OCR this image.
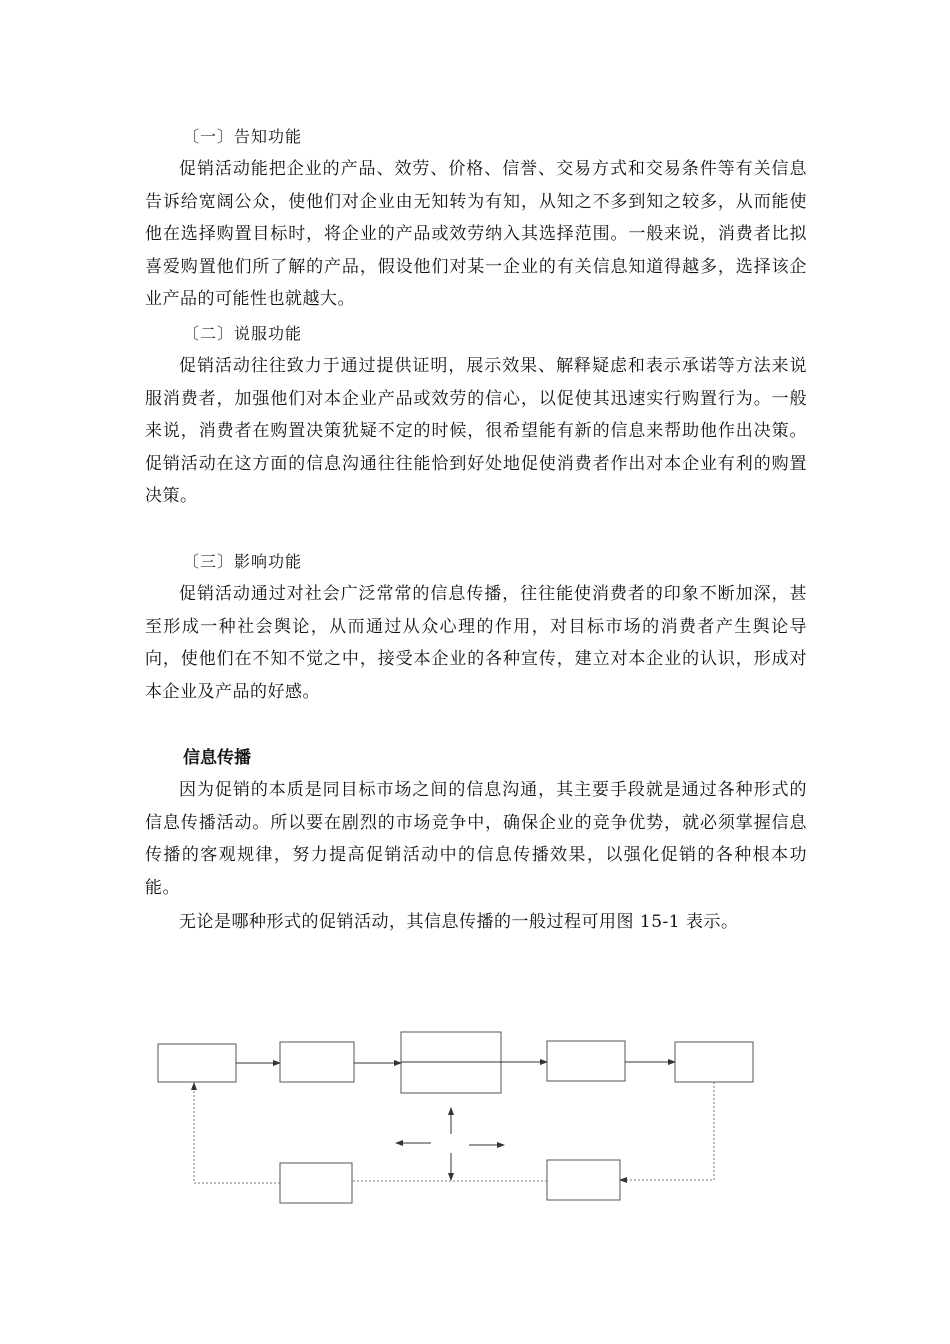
〔一〕告知功能

促销活动能把企业的产品、效劳、价格、信誉、交易方式和交易条件等有关信息告诉给宽阔公众，使他们对企业由无知转为有知，从知之不多到知之较多，从而能使他在选择购置目标时，将企业的产品或效劳纳入其选择范围。一般来说，消费者比拟喜爱购置他们所了解的产品，假设他们对某一企业的有关信息知道得越多，选择该企业产品的可能性也就越大。

〔二〕说服功能

促销活动往往致力于通过提供证明，展示效果、解释疑虑和表示承诺等方法来说服消费者，加强他们对本企业产品或效劳的信心，以促使其迅速实行购置行为。一般来说，消费者在购置决策犹疑不定的时候，很希望能有新的信息来帮助他作出决策。促销活动在这方面的信息沟通往往能恰到好处地促使消费者作出对本企业有利的购置决策。

〔三〕影响功能

促销活动通过对社会广泛常常的信息传播，往往能使消费者的印象不断加深，甚至形成一种社会舆论，从而通过从众心理的作用，对目标市场的消费者产生舆论导向，使他们在不知不觉之中，接受本企业的各种宣传，建立对本企业的认识，形成对本企业及产品的好感。

信息传播

因为促销的本质是同目标市场之间的信息沟通，其主要手段就是通过各种形式的信息传播活动。所以要在剧烈的市场竞争中，确保企业的竞争优势，就必须掌握信息传播的客观规律，努力提高促销活动中的信息传播效果，以强化促销的各种根本功能。

无论是哪种形式的促销活动，其信息传播的一般过程可用图 15-1 表示。
